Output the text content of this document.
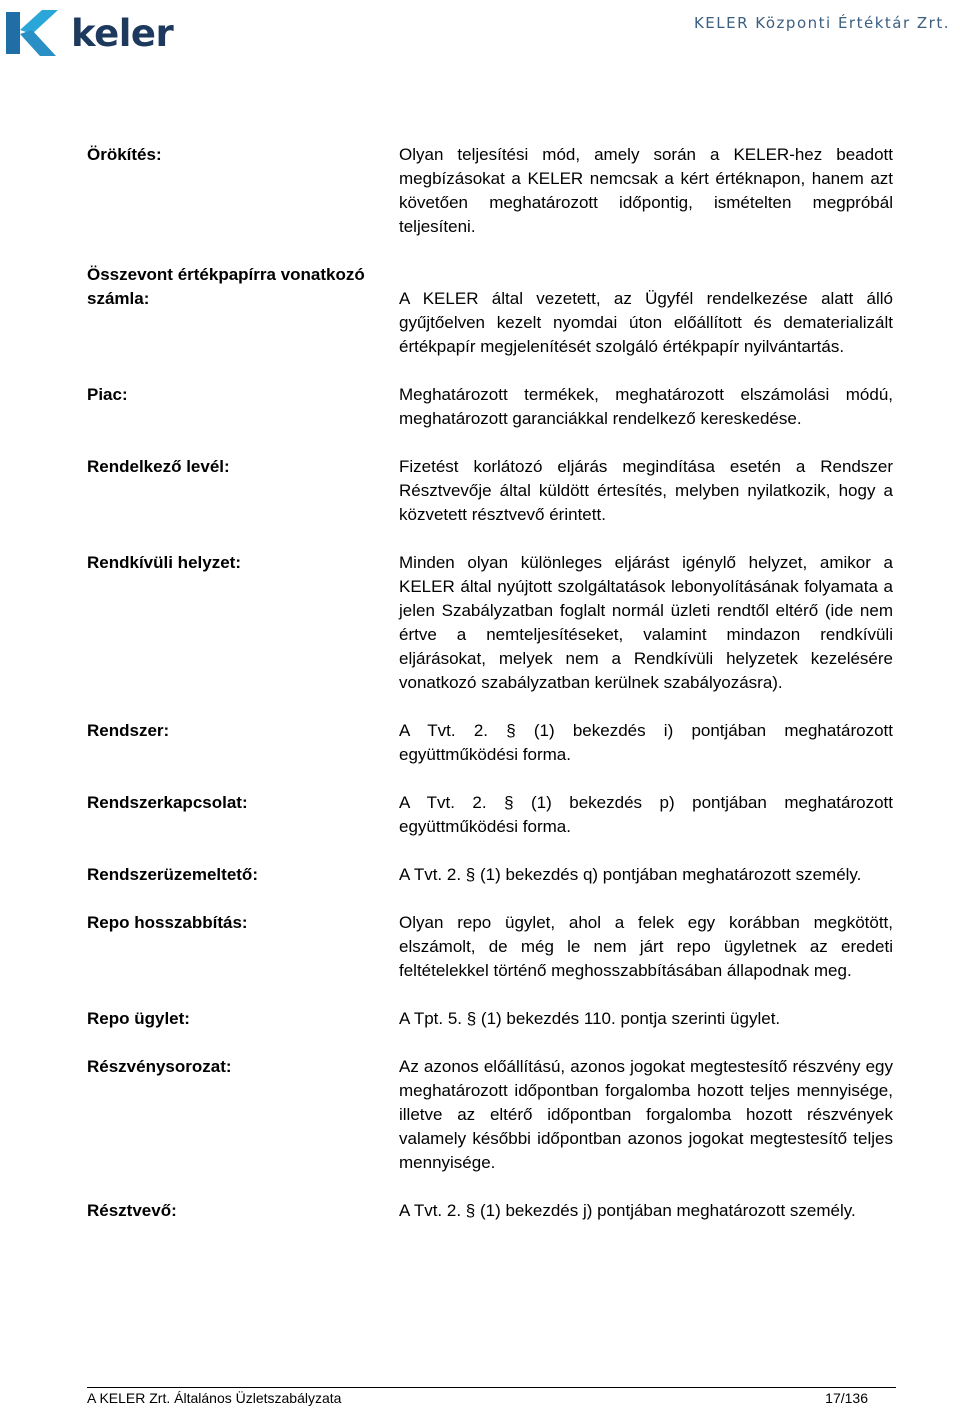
keler	KELER Központi Értéktár Zrt.
Örökítés:	Olyan teljesítési mód, amely során a KELER-hez beadott megbízásokat a KELER nemcsak a kért értéknapon, hanem azt követően meghatározott időpontig, ismételten megpróbál teljesíteni.
Összevont értékpapírra vonatkozó számla:	A KELER által vezetett, az Ügyfél rendelkezése alatt álló gyűjtőelven kezelt nyomdai úton előállított és dematerializált értékpapír megjelenítését szolgáló értékpapír nyilvántartás.
Piac:	Meghatározott termékek, meghatározott elszámolási módú, meghatározott garanciákkal rendelkező kereskedése.
Rendelkező levél:	Fizetést korlátozó eljárás megindítása esetén a Rendszer Résztvevője által küldött értesítés, melyben nyilatkozik, hogy a közvetett résztvevő érintett.
Rendkívüli helyzet:	Minden olyan különleges eljárást igénylő helyzet, amikor a KELER által nyújtott szolgáltatások lebonyolításának folyamata a jelen Szabályzatban foglalt normál üzleti rendtől eltérő (ide nem értve a nemteljesítéseket, valamint mindazon rendkívüli eljárásokat, melyek nem a Rendkívüli helyzetek kezelésére vonatkozó szabályzatban kerülnek szabályozásra).
Rendszer:	A Tvt. 2. § (1) bekezdés i) pontjában meghatározott együttműködési forma.
Rendszerkapcsolat:	A Tvt. 2. § (1) bekezdés p) pontjában meghatározott együttműködési forma.
Rendszerüzemeltető:	A Tvt. 2. § (1) bekezdés q) pontjában meghatározott személy.
Repo hosszabbítás:	Olyan repo ügylet, ahol a felek egy korábban megkötött, elszámolt, de még le nem járt repo ügyletnek az eredeti feltételekkel történő meghosszabbításában állapodnak meg.
Repo ügylet:	A Tpt. 5. § (1) bekezdés 110. pontja szerinti ügylet.
Részvénysorozat:	Az azonos előállítású, azonos jogokat megtestesítő részvény egy meghatározott időpontban forgalomba hozott teljes mennyisége, illetve az eltérő időpontban forgalomba hozott részvények valamely későbbi időpontban azonos jogokat megtestesítő teljes mennyisége.
Résztvevő:	A Tvt. 2. § (1) bekezdés j) pontjában meghatározott személy.
A KELER Zrt. Általános Üzletszabályzata	17/136
